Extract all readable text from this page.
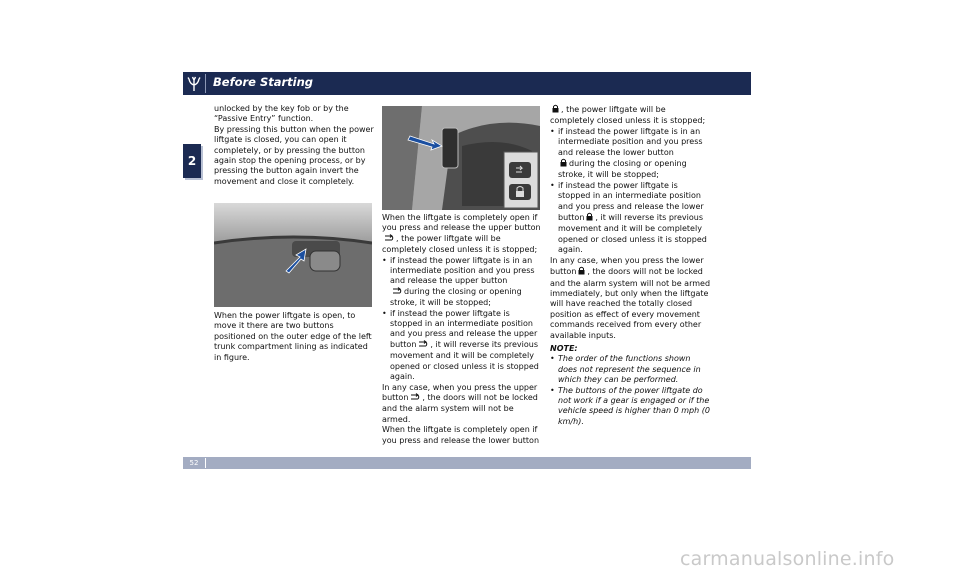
Before Starting
2

unlocked by the key fob or by the “Passive Entry” function.

By pressing this button when the power liftgate is closed, you can open it completely, or by pressing the button again stop the opening process, or by pressing the button again invert the movement and close it completely.

When the power liftgate is open, to move it there are two buttons positioned on the outer edge of the left trunk compartment lining as indicated in figure.

When the liftgate is completely open if you press and release the upper button, the power liftgate will be completely closed unless it is stopped;

• if instead the power liftgate is in an intermediate position and you press and release the upper button
during the closing or opening stroke, it will be stopped;

• if instead the power liftgate is stopped in an intermediate position and you press and release the upper button , it will reverse its previous movement and it will be completely opened or closed unless it is stopped again.

In any case, when you press the upper button , the doors will not be locked and the alarm system will not be armed.

When the liftgate is completely open if you press and release the lower button

, the power liftgate will be completely closed unless it is stopped;

• if instead the power liftgate is in an intermediate position and you press and release the lower button
during the closing or opening stroke, it will be stopped;

• if instead the power liftgate is stopped in an intermediate position and you press and release the lower button , it will reverse its previous movement and it will be completely opened or closed unless it is stopped again.

In any case, when you press the lower button , the doors will not be locked and the alarm system will not be armed immediately, but only when the liftgate will have reached the totally closed position as effect of every movement commands received from every other available inputs.

NOTE:

• The order of the functions shown does not represent the sequence in which they can be performed.

• The buttons of the power liftgate do not work if a gear is engaged or if the vehicle speed is higher than 0 mph (0 km/h).

52
carmanualsonline.info
